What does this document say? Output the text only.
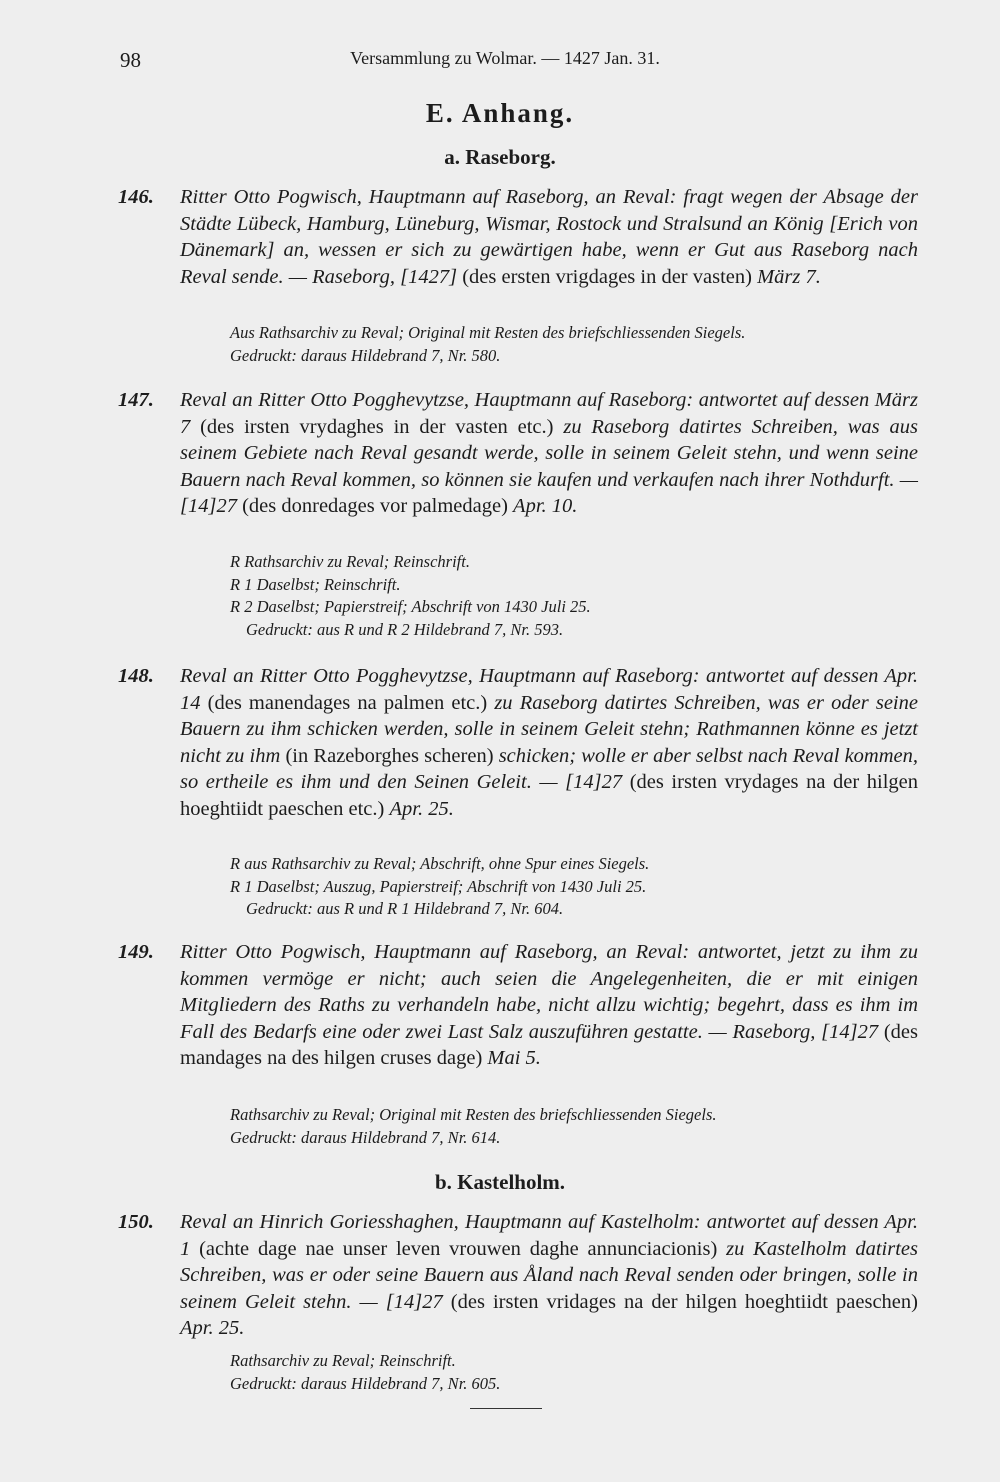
98	Versammlung zu Wolmar. — 1427 Jan. 31.
E. Anhang.
a. Raseborg.
146.	Ritter Otto Pogwisch, Hauptmann auf Raseborg, an Reval: fragt wegen der Absage der Städte Lübeck, Hamburg, Lüneburg, Wismar, Rostock und Stralsund an König [Erich von Dänemark] an, wessen er sich zu gewärtigen habe, wenn er Gut aus Raseborg nach Reval sende. — Raseborg, [1427] (des ersten vrigdages in der vasten) März 7.
Aus Rathsarchiv zu Reval; Original mit Resten des briefschliessenden Siegels.
Gedruckt: daraus Hildebrand 7, Nr. 580.
147.	Reval an Ritter Otto Pogghevytzse, Hauptmann auf Raseborg: antwortet auf dessen März 7 (des irsten vrydaghes in der vasten etc.) zu Raseborg datirtes Schreiben, was aus seinem Gebiete nach Reval gesandt werde, solle in seinem Geleit stehn, und wenn seine Bauern nach Reval kommen, so können sie kaufen und verkaufen nach ihrer Nothdurft. — [14]27 (des donredages vor palmedage) Apr. 10.
R Rathsarchiv zu Reval; Reinschrift.
R 1 Daselbst; Reinschrift.
R 2 Daselbst; Papierstreif; Abschrift von 1430 Juli 25.
Gedruckt: aus R und R 2 Hildebrand 7, Nr. 593.
148.	Reval an Ritter Otto Pogghevytzse, Hauptmann auf Raseborg: antwortet auf dessen Apr. 14 (des manendages na palmen etc.) zu Raseborg datirtes Schreiben, was er oder seine Bauern zu ihm schicken werden, solle in seinem Geleit stehn; Rathmannen könne es jetzt nicht zu ihm (in Razeborghes scheren) schicken; wolle er aber selbst nach Reval kommen, so ertheile es ihm und den Seinen Geleit. — [14]27 (des irsten vrydages na der hilgen hoeghtiidt paeschen etc.) Apr. 25.
R aus Rathsarchiv zu Reval; Abschrift, ohne Spur eines Siegels.
R 1 Daselbst; Auszug, Papierstreif; Abschrift von 1430 Juli 25.
Gedruckt: aus R und R 1 Hildebrand 7, Nr. 604.
149.	Ritter Otto Pogwisch, Hauptmann auf Raseborg, an Reval: antwortet, jetzt zu ihm zu kommen vermöge er nicht; auch seien die Angelegenheiten, die er mit einigen Mitgliedern des Raths zu verhandeln habe, nicht allzu wichtig; begehrt, dass es ihm im Fall des Bedarfs eine oder zwei Last Salz auszuführen gestatte. — Raseborg, [14]27 (des mandages na des hilgen cruses dage) Mai 5.
Rathsarchiv zu Reval; Original mit Resten des briefschliessenden Siegels.
Gedruckt: daraus Hildebrand 7, Nr. 614.
b. Kastelholm.
150.	Reval an Hinrich Goriesshaghen, Hauptmann auf Kastelholm: antwortet auf dessen Apr. 1 (achte dage nae unser leven vrouwen daghe annunciacionis) zu Kastelholm datirtes Schreiben, was er oder seine Bauern aus Åland nach Reval senden oder bringen, solle in seinem Geleit stehn. — [14]27 (des irsten vridages na der hilgen hoeghtiidt paeschen) Apr. 25.
Rathsarchiv zu Reval; Reinschrift.
Gedruckt: daraus Hildebrand 7, Nr. 605.
